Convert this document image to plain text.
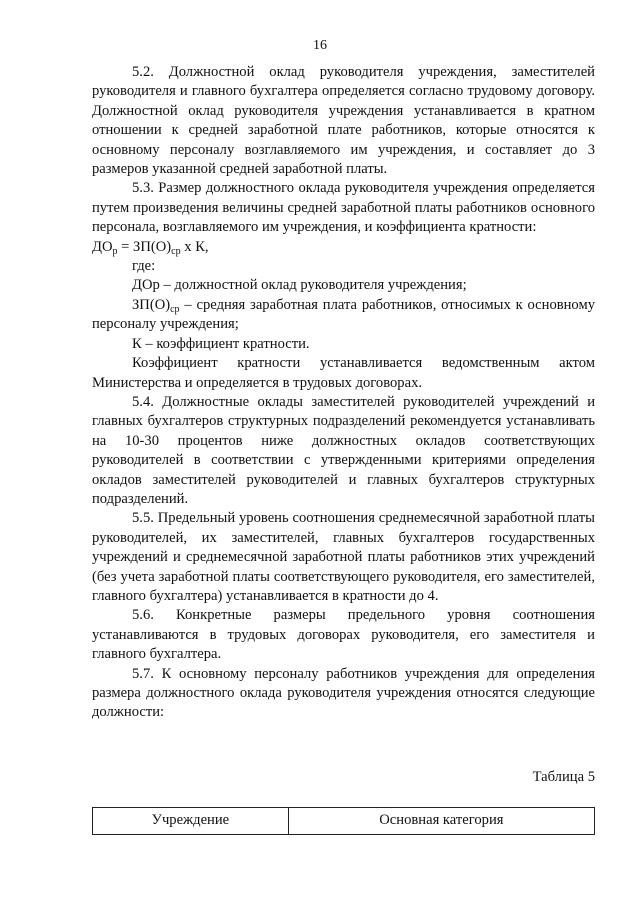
16

5.2. Должностной оклад руководителя учреждения, заместителей руководителя и главного бухгалтера определяется согласно трудовому договору. Должностной оклад руководителя учреждения устанавливается в кратном отношении к средней заработной плате работников, которые относятся к основному персоналу возглавляемого им учреждения, и составляет до 3 размеров указанной средней заработной платы.

5.3. Размер должностного оклада руководителя учреждения определяется путем произведения величины средней заработной платы работников основного персонала, возглавляемого им учреждения, и коэффициента кратности:

$ДО_р = ЗП(О)_{ср}$ х К,

где:

ДОр – должностной оклад руководителя учреждения;

$ЗП(О)_{ср}$ – средняя заработная плата работников, относимых к основному персоналу учреждения;

К – коэффициент кратности.

Коэффициент кратности устанавливается ведомственным актом Министерства и определяется в трудовых договорах.

5.4. Должностные оклады заместителей руководителей учреждений и главных бухгалтеров структурных подразделений рекомендуется устанавливать на 10-30 процентов ниже должностных окладов соответствующих руководителей в соответствии с утвержденными критериями определения окладов заместителей руководителей и главных бухгалтеров структурных подразделений.

5.5. Предельный уровень соотношения среднемесячной заработной платы руководителей, их заместителей, главных бухгалтеров государственных учреждений и среднемесячной заработной платы работников этих учреждений (без учета заработной платы соответствующего руководителя, его заместителей, главного бухгалтера) устанавливается в кратности до 4.

5.6. Конкретные размеры предельного уровня соотношения устанавливаются в трудовых договорах руководителя, его заместителя и главного бухгалтера.

5.7. К основному персоналу работников учреждения для определения размера должностного оклада руководителя учреждения относятся следующие должности:

Таблица 5
Учреждение	Основная категория
